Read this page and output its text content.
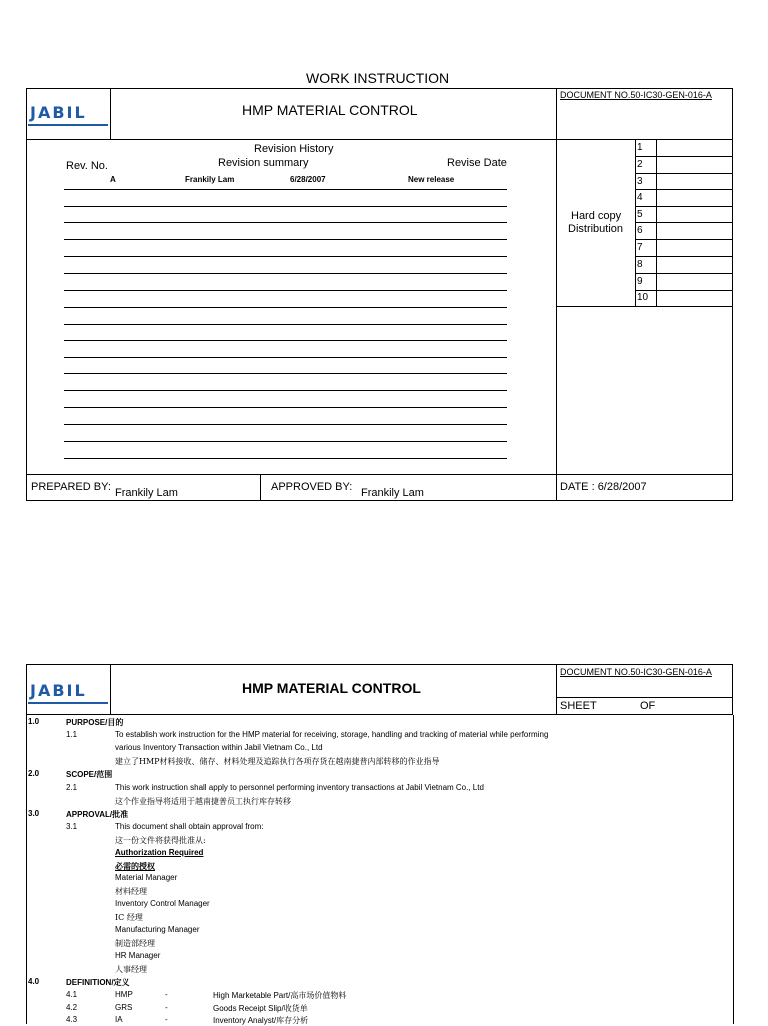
WORK INSTRUCTION
JABIL	HMP MATERIAL CONTROL
DOCUMENT NO.50-IC30-GEN-016-A
Revision History
Rev. No.	Revision summary	Revise Date
A	Frankily Lam	6/28/2007	New release
Hard copy
Distribution
1
2
3
4
5
6
7
8
9
10
PREPARED BY: Frankily Lam	APPROVED BY: Frankily Lam	DATE : 6/28/2007
JABIL	HMP MATERIAL CONTROL
DOCUMENT NO.50-IC30-GEN-016-A
SHEET	OF
1.0	PURPOSE/目的
1.1	To establish work instruction for the HMP material for receiving, storage, handling and tracking of material while performing
various Inventory Transaction within Jabil Vietnam Co., Ltd
建立了HMP材料接收、储存、材料处理及追踪执行各项存货在越南捷普内部转移的作业指导
2.0	SCOPE/范围
2.1	This work instruction shall apply to personnel performing inventory transactions at Jabil Vietnam Co., Ltd
这个作业指导将适用于越南捷普员工执行库存转移
3.0	APPROVAL/批准
3.1	This document shall obtain approval from:
这一份文件将获得批准从:
Authorization Required
必需的授权
Material Manager
材料经理
Inventory Control Manager
IC 经理
Manufacturing Manager
制造部经理
HR Manager
人事经理
4.0	DEFINITION/定义
4.1	HMP	-	High Marketable Part/高市场价值物料
4.2	GRS	-	Goods Receipt Slip/收货单
4.3	IA	-	Inventory Analyst/库存分析
